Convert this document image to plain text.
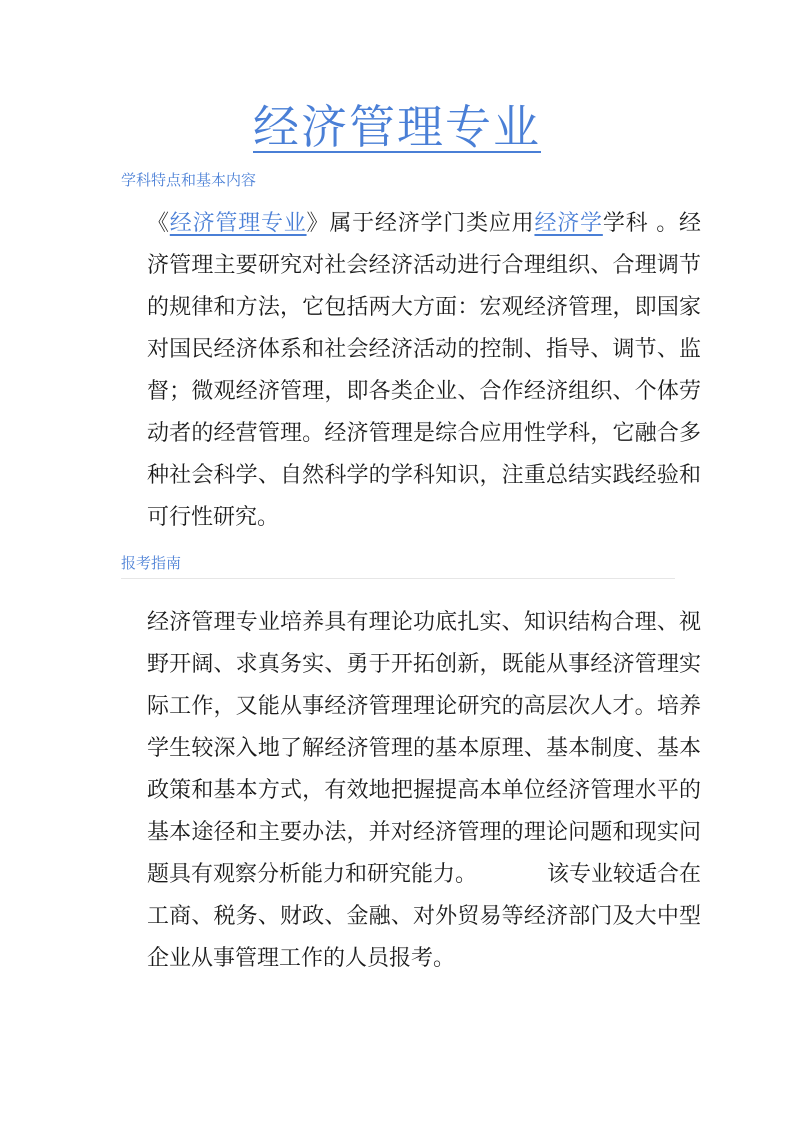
经济管理专业
学科特点和基本内容

《经济管理专业》属于经济学门类应用经济学学科 。经济管理主要研究对社会经济活动进行合理组织、合理调节的规律和方法，它包括两大方面：宏观经济管理，即国家对国民经济体系和社会经济活动的控制、指导、调节、监督；微观经济管理，即各类企业、合作经济组织、个体劳动者的经营管理。经济管理是综合应用性学科，它融合多种社会科学、自然科学的学科知识，注重总结实践经验和可行性研究。

报考指南

经济管理专业培养具有理论功底扎实、知识结构合理、视野开阔、求真务实、勇于开拓创新，既能从事经济管理实际工作，又能从事经济管理理论研究的高层次人才。培养学生较深入地了解经济管理的基本原理、基本制度、基本政策和基本方式，有效地把握提高本单位经济管理水平的基本途径和主要办法，并对经济管理的理论问题和现实问题具有观察分析能力和研究能力。          该专业较适合在工商、税务、财政、金融、对外贸易等经济部门及大中型企业从事管理工作的人员报考。
